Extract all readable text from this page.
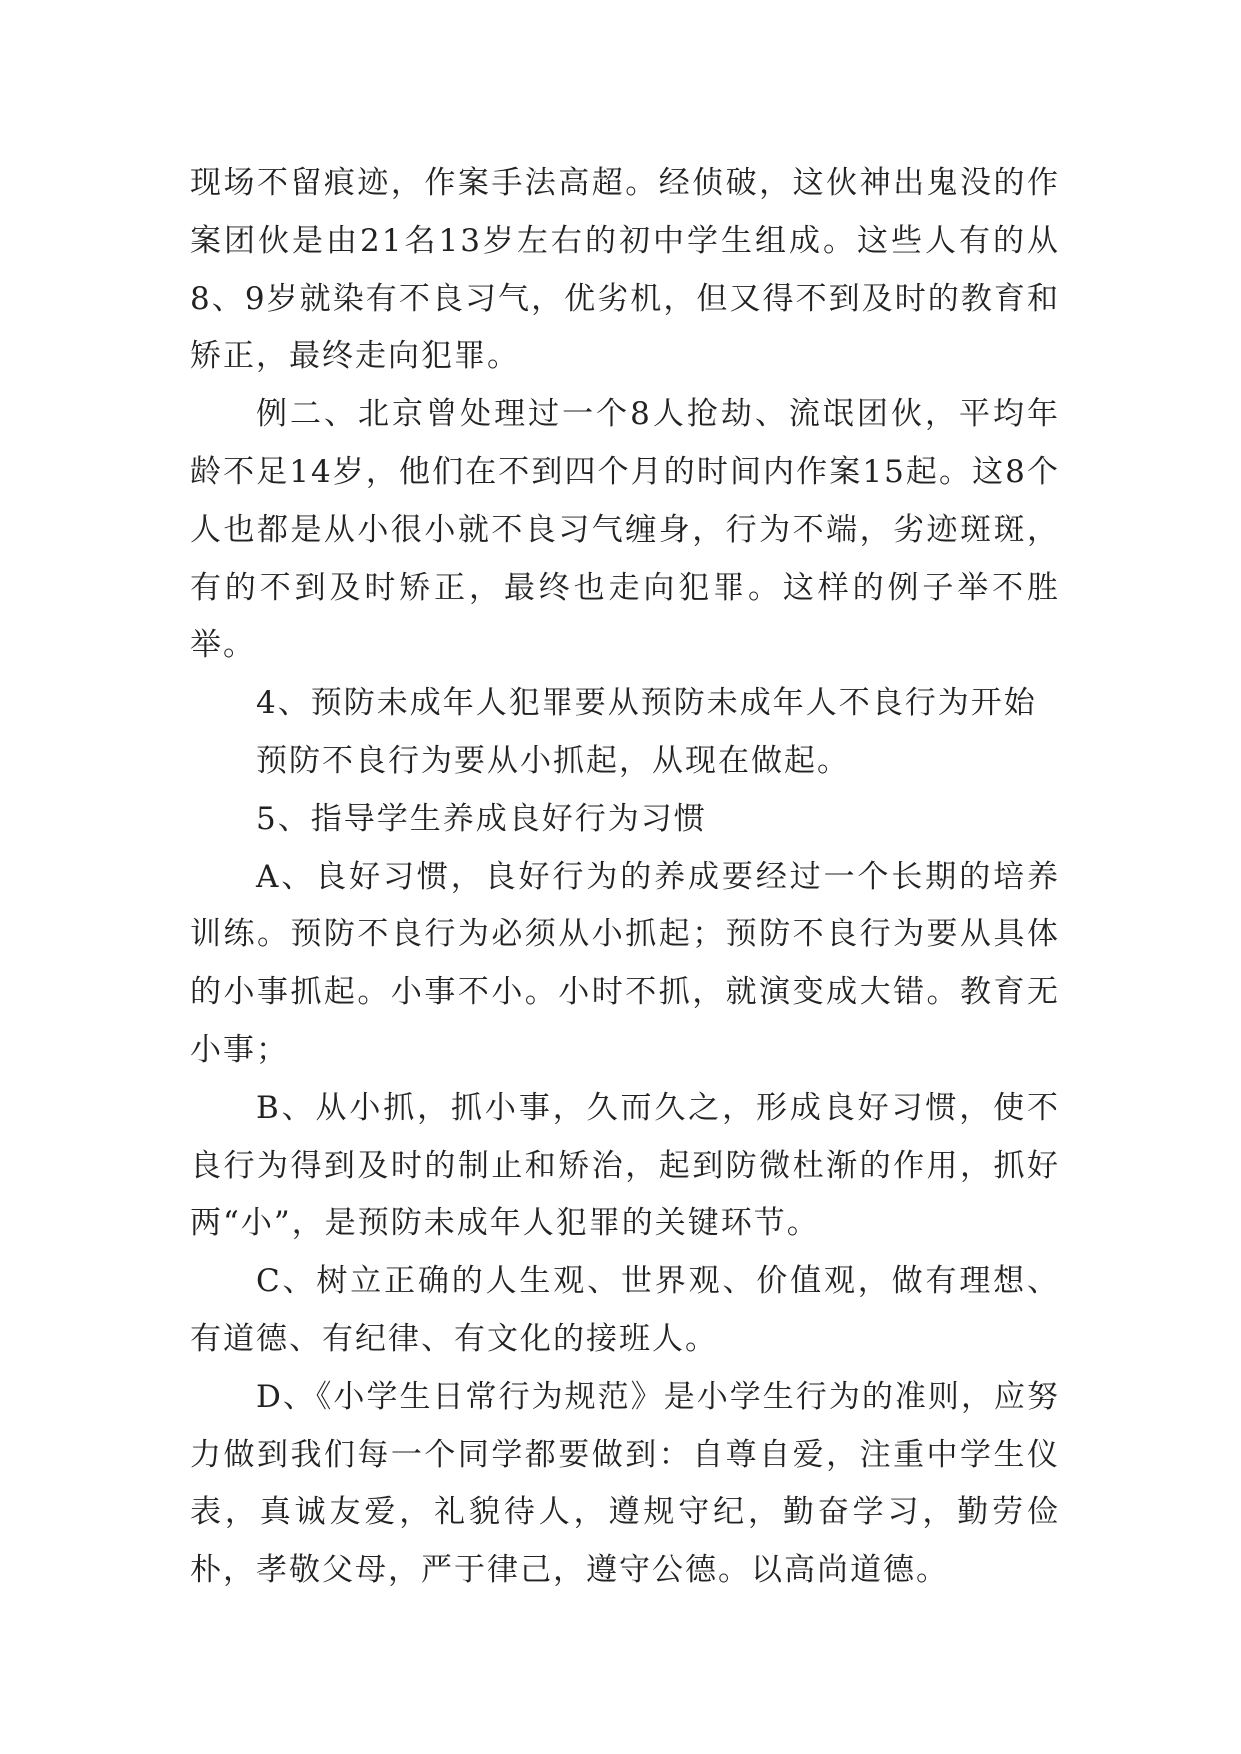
现场不留痕迹，作案手法高超。经侦破，这伙神出鬼没的作案团伙是由21名13岁左右的初中学生组成。这些人有的从8、9岁就染有不良习气，优劣机，但又得不到及时的教育和矫正，最终走向犯罪。

例二、北京曾处理过一个8人抢劫、流氓团伙，平均年龄不足14岁，他们在不到四个月的时间内作案15起。这8个人也都是从小很小就不良习气缠身，行为不端，劣迹斑斑，有的不到及时矫正，最终也走向犯罪。这样的例子举不胜举。

4、预防未成年人犯罪要从预防未成年人不良行为开始

预防不良行为要从小抓起，从现在做起。

5、指导学生养成良好行为习惯

A、良好习惯，良好行为的养成要经过一个长期的培养训练。预防不良行为必须从小抓起；预防不良行为要从具体的小事抓起。小事不小。小时不抓，就演变成大错。教育无小事；

B、从小抓，抓小事，久而久之，形成良好习惯，使不良行为得到及时的制止和矫治，起到防微杜渐的作用，抓好两“小”，是预防未成年人犯罪的关键环节。

C、树立正确的人生观、世界观、价值观，做有理想、有道德、有纪律、有文化的接班人。

D、《小学生日常行为规范》是小学生行为的准则，应努力做到我们每一个同学都要做到：自尊自爱，注重中学生仪表，真诚友爱，礼貌待人，遵规守纪，勤奋学习，勤劳俭朴，孝敬父母，严于律己，遵守公德。以高尚道德。
